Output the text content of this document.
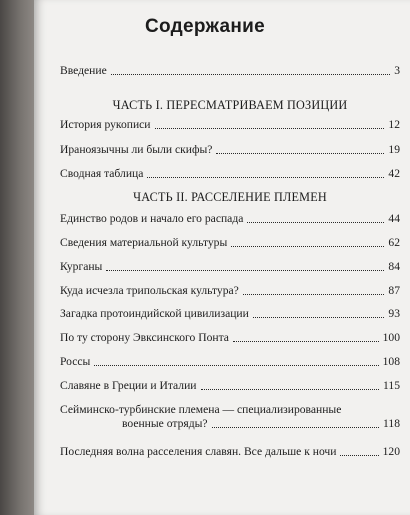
Содержание
Введение	3
ЧАСТЬ I. ПЕРЕСМАТРИВАЕМ ПОЗИЦИИ
История рукописи	12
Ираноязычны ли были скифы?	19
Сводная таблица	42
ЧАСТЬ II. РАССЕЛЕНИЕ ПЛЕМЕН
Единство родов и начало его распада	44
Сведения материальной культуры	62
Курганы	84
Куда исчезла трипольская культура?	87
Загадка протоиндийской цивилизации	93
По ту сторону Эвксинского Понта	100
Россы	108
Славяне в Греции и Италии	115
Сейминско-турбинские племена — специализированные
военные отряды?	118
Последняя волна расселения славян. Все дальше к ночи	120
